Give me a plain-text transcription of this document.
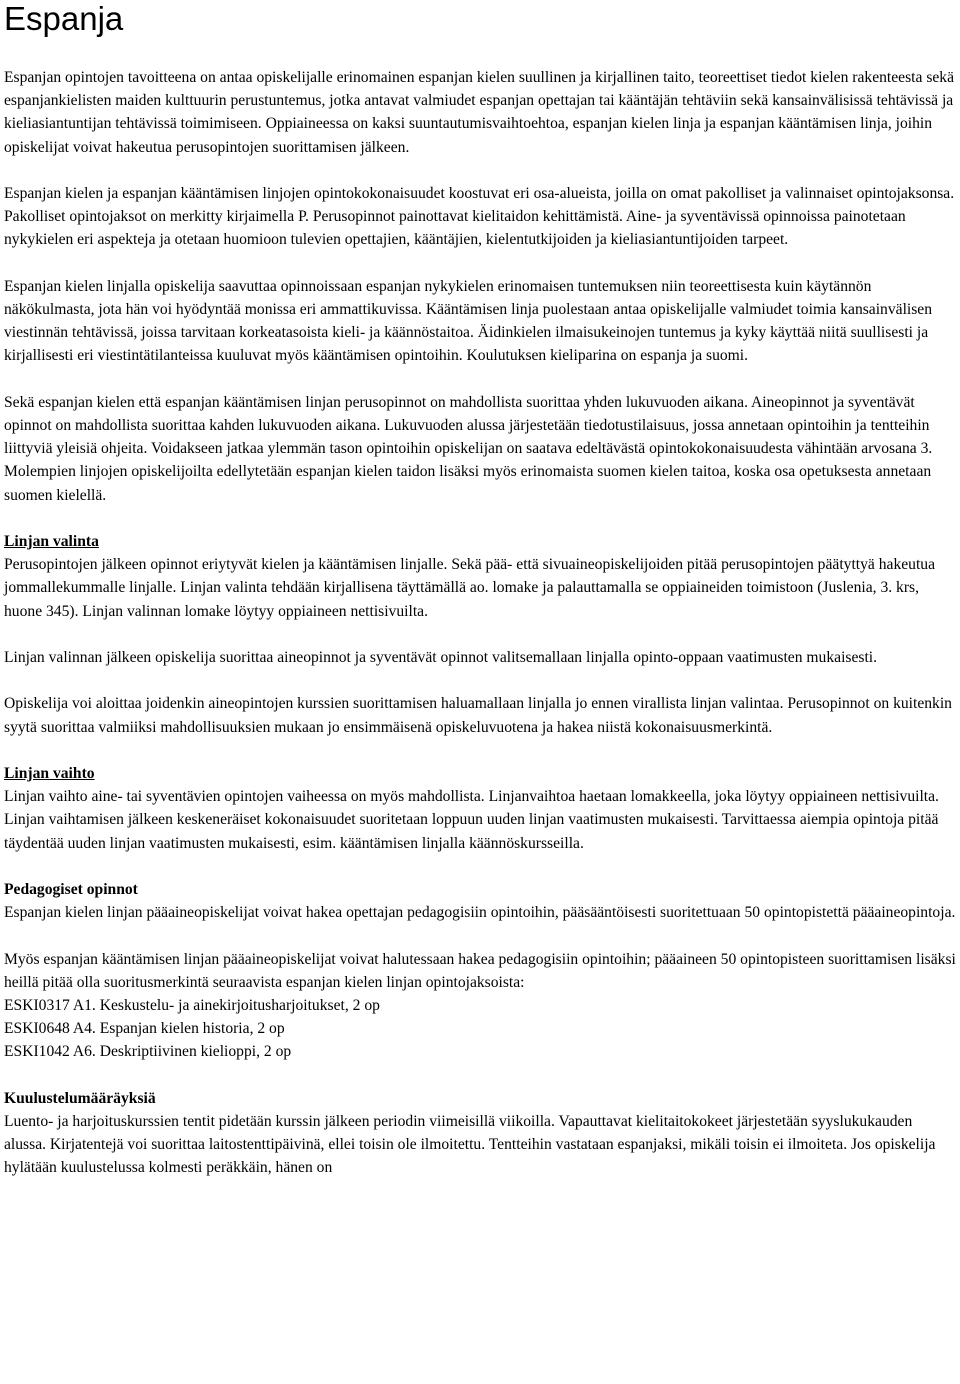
Espanja

Espanjan opintojen tavoitteena on antaa opiskelijalle erinomainen espanjan kielen suullinen ja kirjallinen taito, teoreettiset tiedot kielen rakenteesta sekä espanjankielisten maiden kulttuurin perustuntemus, jotka antavat valmiudet espanjan opettajan tai kääntäjän tehtäviin sekä kansainvälisissä tehtävissä ja kieliasiantuntijan tehtävissä toimimiseen. Oppiaineessa on kaksi suuntautumisvaihtoehtoa, espanjan kielen linja ja espanjan kääntämisen linja, joihin opiskelijat voivat hakeutua perusopintojen suorittamisen jälkeen.

Espanjan kielen ja espanjan kääntämisen linjojen opintokokonaisuudet koostuvat eri osa-alueista, joilla on omat pakolliset ja valinnaiset opintojaksonsa. Pakolliset opintojaksot on merkitty kirjaimella P. Perusopinnot painottavat kielitaidon kehittämistä. Aine- ja syventävissä opinnoissa painotetaan nykykielen eri aspekteja ja otetaan huomioon tulevien opettajien, kääntäjien, kielentutkijoiden ja kieliasiantuntijoiden tarpeet.

Espanjan kielen linjalla opiskelija saavuttaa opinnoissaan espanjan nykykielen erinomaisen tuntemuksen niin teoreettisesta kuin käytännön näkökulmasta, jota hän voi hyödyntää monissa eri ammattikuvissa. Kääntämisen linja puolestaan antaa opiskelijalle valmiudet toimia kansainvälisen viestinnän tehtävissä, joissa tarvitaan korkeatasoista kieli- ja käännöstaitoa. Äidinkielen ilmaisukeinojen tuntemus ja kyky käyttää niitä suullisesti ja kirjallisesti eri viestintätilanteissa kuuluvat myös kääntämisen opintoihin. Koulutuksen kieliparina on espanja ja suomi.

Sekä espanjan kielen että espanjan kääntämisen linjan perusopinnot on mahdollista suorittaa yhden lukuvuoden aikana. Aineopinnot ja syventävät opinnot on mahdollista suorittaa kahden lukuvuoden aikana. Lukuvuoden alussa järjestetään tiedotustilaisuus, jossa annetaan opintoihin ja tentteihin liittyviä yleisiä ohjeita. Voidakseen jatkaa ylemmän tason opintoihin opiskelijan on saatava edeltävästä opintokokonaisuudesta vähintään arvosana 3.

Molempien linjojen opiskelijoilta edellytetään espanjan kielen taidon lisäksi myös erinomaista suomen kielen taitoa, koska osa opetuksesta annetaan suomen kielellä.

Linjan valinta

Perusopintojen jälkeen opinnot eriytyvät kielen ja kääntämisen linjalle. Sekä pää- että sivuaineopiskelijoiden pitää perusopintojen päätyttyä hakeutua jommallekummalle linjalle. Linjan valinta tehdään kirjallisena täyttämällä ao. lomake ja palauttamalla se oppiaineiden toimistoon (Juslenia, 3. krs, huone 345). Linjan valinnan lomake löytyy oppiaineen nettisivuilta.

Linjan valinnan jälkeen opiskelija suorittaa aineopinnot ja syventävät opinnot valitsemallaan linjalla opinto-oppaan vaatimusten mukaisesti.

Opiskelija voi aloittaa joidenkin aineopintojen kurssien suorittamisen haluamallaan linjalla jo ennen virallista linjan valintaa. Perusopinnot on kuitenkin syytä suorittaa valmiiksi mahdollisuuksien mukaan jo ensimmäisenä opiskeluvuotena ja hakea niistä kokonaisuusmerkintä.

Linjan vaihto

Linjan vaihto aine- tai syventävien opintojen vaiheessa on myös mahdollista. Linjanvaihtoa haetaan lomakkeella, joka löytyy oppiaineen nettisivuilta. Linjan vaihtamisen jälkeen keskeneräiset kokonaisuudet suoritetaan loppuun uuden linjan vaatimusten mukaisesti. Tarvittaessa aiempia opintoja pitää täydentää uuden linjan vaatimusten mukaisesti, esim. kääntämisen linjalla käännöskursseilla.

Pedagogiset opinnot

Espanjan kielen linjan pääaineopiskelijat voivat hakea opettajan pedagogisiin opintoihin, pääsääntöisesti suoritettuaan 50 opintopistettä pääaineopintoja.

Myös espanjan kääntämisen linjan pääaineopiskelijat voivat halutessaan hakea pedagogisiin opintoihin; pääaineen 50 opintopisteen suorittamisen lisäksi heillä pitää olla suoritusmerkintä seuraavista espanjan kielen linjan opintojaksoista:

ESKI0317 A1. Keskustelu- ja ainekirjoitusharjoitukset, 2 op
ESKI0648 A4. Espanjan kielen historia, 2 op
ESKI1042 A6. Deskriptiivinen kielioppi, 2 op
Kuulustelumääräyksiä

Luento- ja harjoituskurssien tentit pidetään kurssin jälkeen periodin viimeisillä viikoilla. Vapauttavat kielitaitokokeet järjestetään syyslukukauden alussa. Kirjatentejä voi suorittaa laitostenttipäivinä, ellei toisin ole ilmoitettu. Tentteihin vastataan espanjaksi, mikäli toisin ei ilmoiteta. Jos opiskelija hylätään kuulustelussa kolmesti peräkkäin, hänen on
